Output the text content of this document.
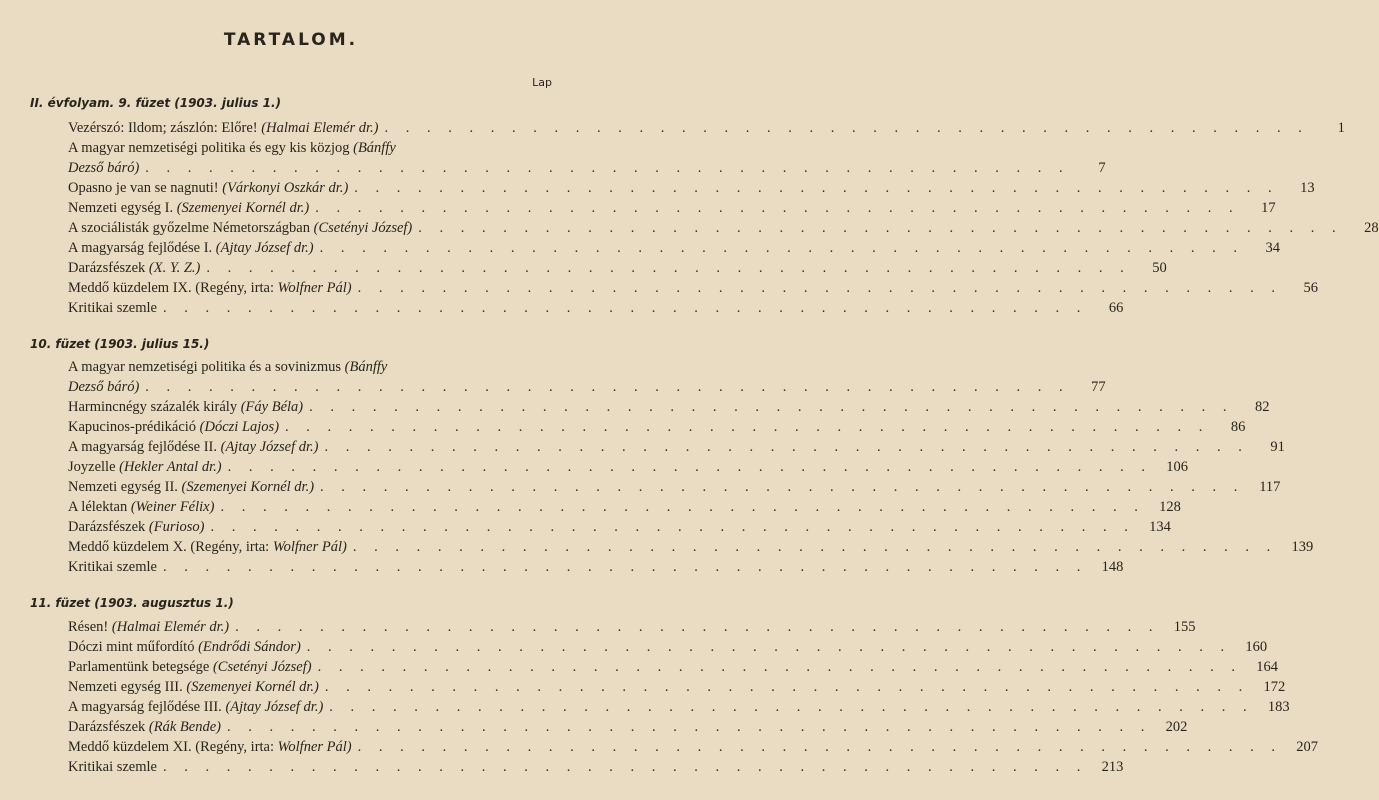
TARTALOM.
Lap
II. évfolyam. 9. füzet (1903. julius 1.)
Vezérszó: Ildom; zászlón: Előre! (Halmai Elemér dr.) . . .	1
A magyar nemzetiségi politika és egy kis közjog (Bánffy
Dezső báró) . . .	7
Opasno je van se nagnuti! (Várkonyi Oszkár dr.) . . .	13
Nemzeti egység I. (Szemenyei Kornél dr.) . . .	17
A szociálisták győzelme Németországban (Csetényi József) . . .	28
A magyarság fejlődése I. (Ajtay József dr.) . . .	34
Darázsfészek (X. Y. Z.) . . .	50
Meddő küzdelem IX. (Regény, irta: Wolfner Pál) . . .	56
Kritikai szemle . . .	66
10. füzet (1903. julius 15.)
A magyar nemzetiségi politika és a sovinizmus (Bánffy
Dezső báró) . . .	77
Harmincnégy százalék király (Fáy Béla) . . .	82
Kapucinos-prédikáció (Dóczi Lajos) . . .	86
A magyarság fejlődése II. (Ajtay József dr.) . . .	91
Joyzelle (Hekler Antal dr.) . . .	106
Nemzeti egység II. (Szemenyei Kornél dr.) . . .	117
A lélektan (Weiner Félix) . . .	128
Darázsfészek (Furioso) . . .	134
Meddő küzdelem X. (Regény, irta: Wolfner Pál) . . .	139
Kritikai szemle . . .	148
11. füzet (1903. augusztus 1.)
Résen! (Halmai Elemér dr.) . . .	155
Dóczi mint műfordító (Endrődi Sándor) . . .	160
Parlamentünk betegsége (Csetényi József) . . .	164
Nemzeti egység III. (Szemenyei Kornél dr.) . . .	172
A magyarság fejlődése III. (Ajtay József dr.) . . .	183
Darázsfészek (Rák Bende) . . .	202
Meddő küzdelem XI. (Regény, irta: Wolfner Pál) . . .	207
Kritikai szemle . . .	213
